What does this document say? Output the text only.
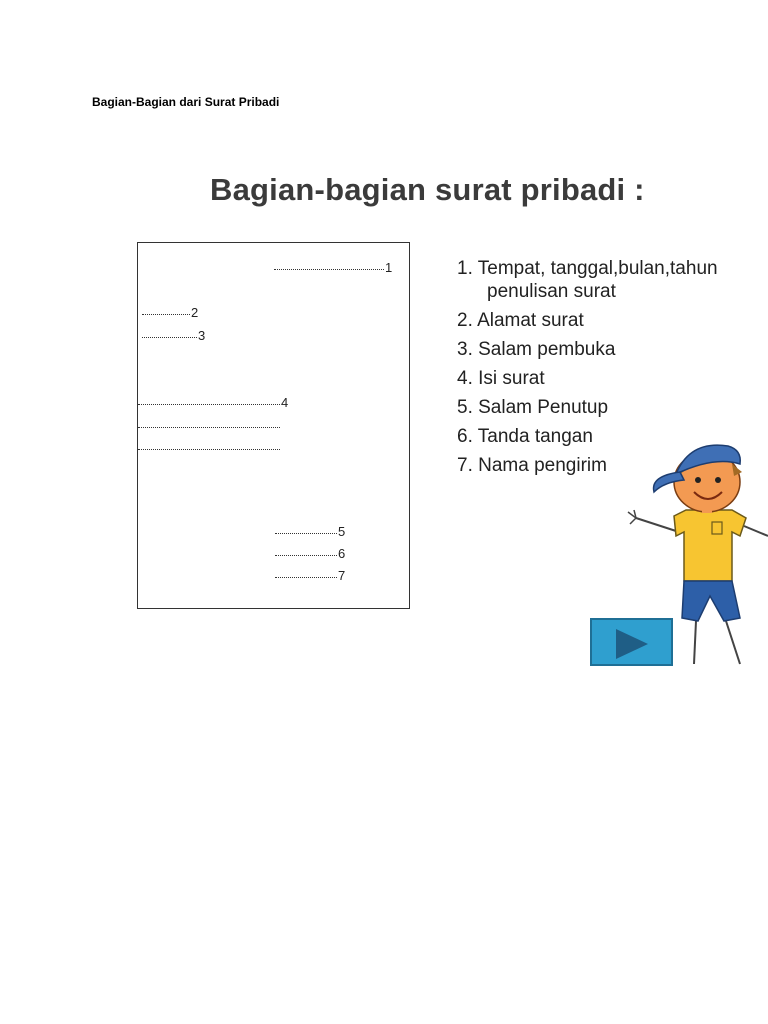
Bagian-Bagian dari Surat Pribadi
Bagian-bagian surat pribadi :
1
2
3
4
5
6
7
1. Tempat, tanggal,bulan,tahun
penulisan surat
2. Alamat surat
3. Salam pembuka
4. Isi surat
5. Salam Penutup
6. Tanda tangan
7. Nama pengirim
